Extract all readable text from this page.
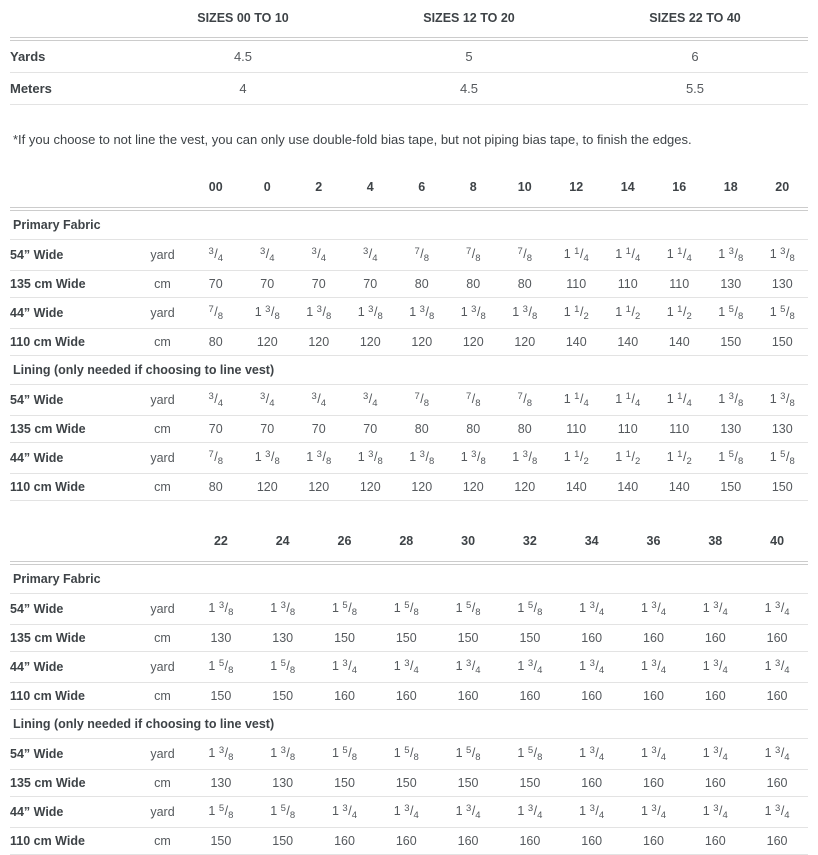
	SIZES 00 TO 10	SIZES 12 TO 20	SIZES 22 TO 40
Yards	4.5	5	6
Meters	4	4.5	5.5

*If you choose to not line the vest, you can only use double-fold bias tape, but not piping bias tape, to finish the edges.

		00	0	2	4	6	8	10	12	14	16	18	20
Primary Fabric													
54” Wide	yard	$^3/_4$	$^3/_4$	$^3/_4$	$^3/_4$	$^7/_8$	$^7/_8$	$^7/_8$	1 $^1/_4$	1 $^1/_4$	1 $^1/_4$	1 $^3/_8$	1 $^3/_8$
135 cm Wide	cm	70	70	70	70	80	80	80	110	110	110	130	130
44” Wide	yard	$^7/_8$	1 $^3/_8$	1 $^3/_8$	1 $^3/_8$	1 $^3/_8$	1 $^3/_8$	1 $^3/_8$	1 $^1/_2$	1 $^1/_2$	1 $^1/_2$	1 $^5/_8$	1 $^5/_8$
110 cm Wide	cm	80	120	120	120	120	120	120	140	140	140	150	150
Lining (only needed if choosing to line vest)													
54” Wide	yard	$^3/_4$	$^3/_4$	$^3/_4$	$^3/_4$	$^7/_8$	$^7/_8$	$^7/_8$	1 $^1/_4$	1 $^1/_4$	1 $^1/_4$	1 $^3/_8$	1 $^3/_8$
135 cm Wide	cm	70	70	70	70	80	80	80	110	110	110	130	130
44” Wide	yard	$^7/_8$	1 $^3/_8$	1 $^3/_8$	1 $^3/_8$	1 $^3/_8$	1 $^3/_8$	1 $^3/_8$	1 $^1/_2$	1 $^1/_2$	1 $^1/_2$	1 $^5/_8$	1 $^5/_8$
110 cm Wide	cm	80	120	120	120	120	120	120	140	140	140	150	150
		22	24	26	28	30	32	34	36	38	40
Primary Fabric											
54” Wide	yard	1 $^3/_8$	1 $^3/_8$	1 $^5/_8$	1 $^5/_8$	1 $^5/_8$	1 $^5/_8$	1 $^3/_4$	1 $^3/_4$	1 $^3/_4$	1 $^3/_4$
135 cm Wide	cm	130	130	150	150	150	150	160	160	160	160
44” Wide	yard	1 $^5/_8$	1 $^5/_8$	1 $^3/_4$	1 $^3/_4$	1 $^3/_4$	1 $^3/_4$	1 $^3/_4$	1 $^3/_4$	1 $^3/_4$	1 $^3/_4$
110 cm Wide	cm	150	150	160	160	160	160	160	160	160	160
Lining (only needed if choosing to line vest)											
54” Wide	yard	1 $^3/_8$	1 $^3/_8$	1 $^5/_8$	1 $^5/_8$	1 $^5/_8$	1 $^5/_8$	1 $^3/_4$	1 $^3/_4$	1 $^3/_4$	1 $^3/_4$
135 cm Wide	cm	130	130	150	150	150	150	160	160	160	160
44” Wide	yard	1 $^5/_8$	1 $^5/_8$	1 $^3/_4$	1 $^3/_4$	1 $^3/_4$	1 $^3/_4$	1 $^3/_4$	1 $^3/_4$	1 $^3/_4$	1 $^3/_4$
110 cm Wide	cm	150	150	160	160	160	160	160	160	160	160
